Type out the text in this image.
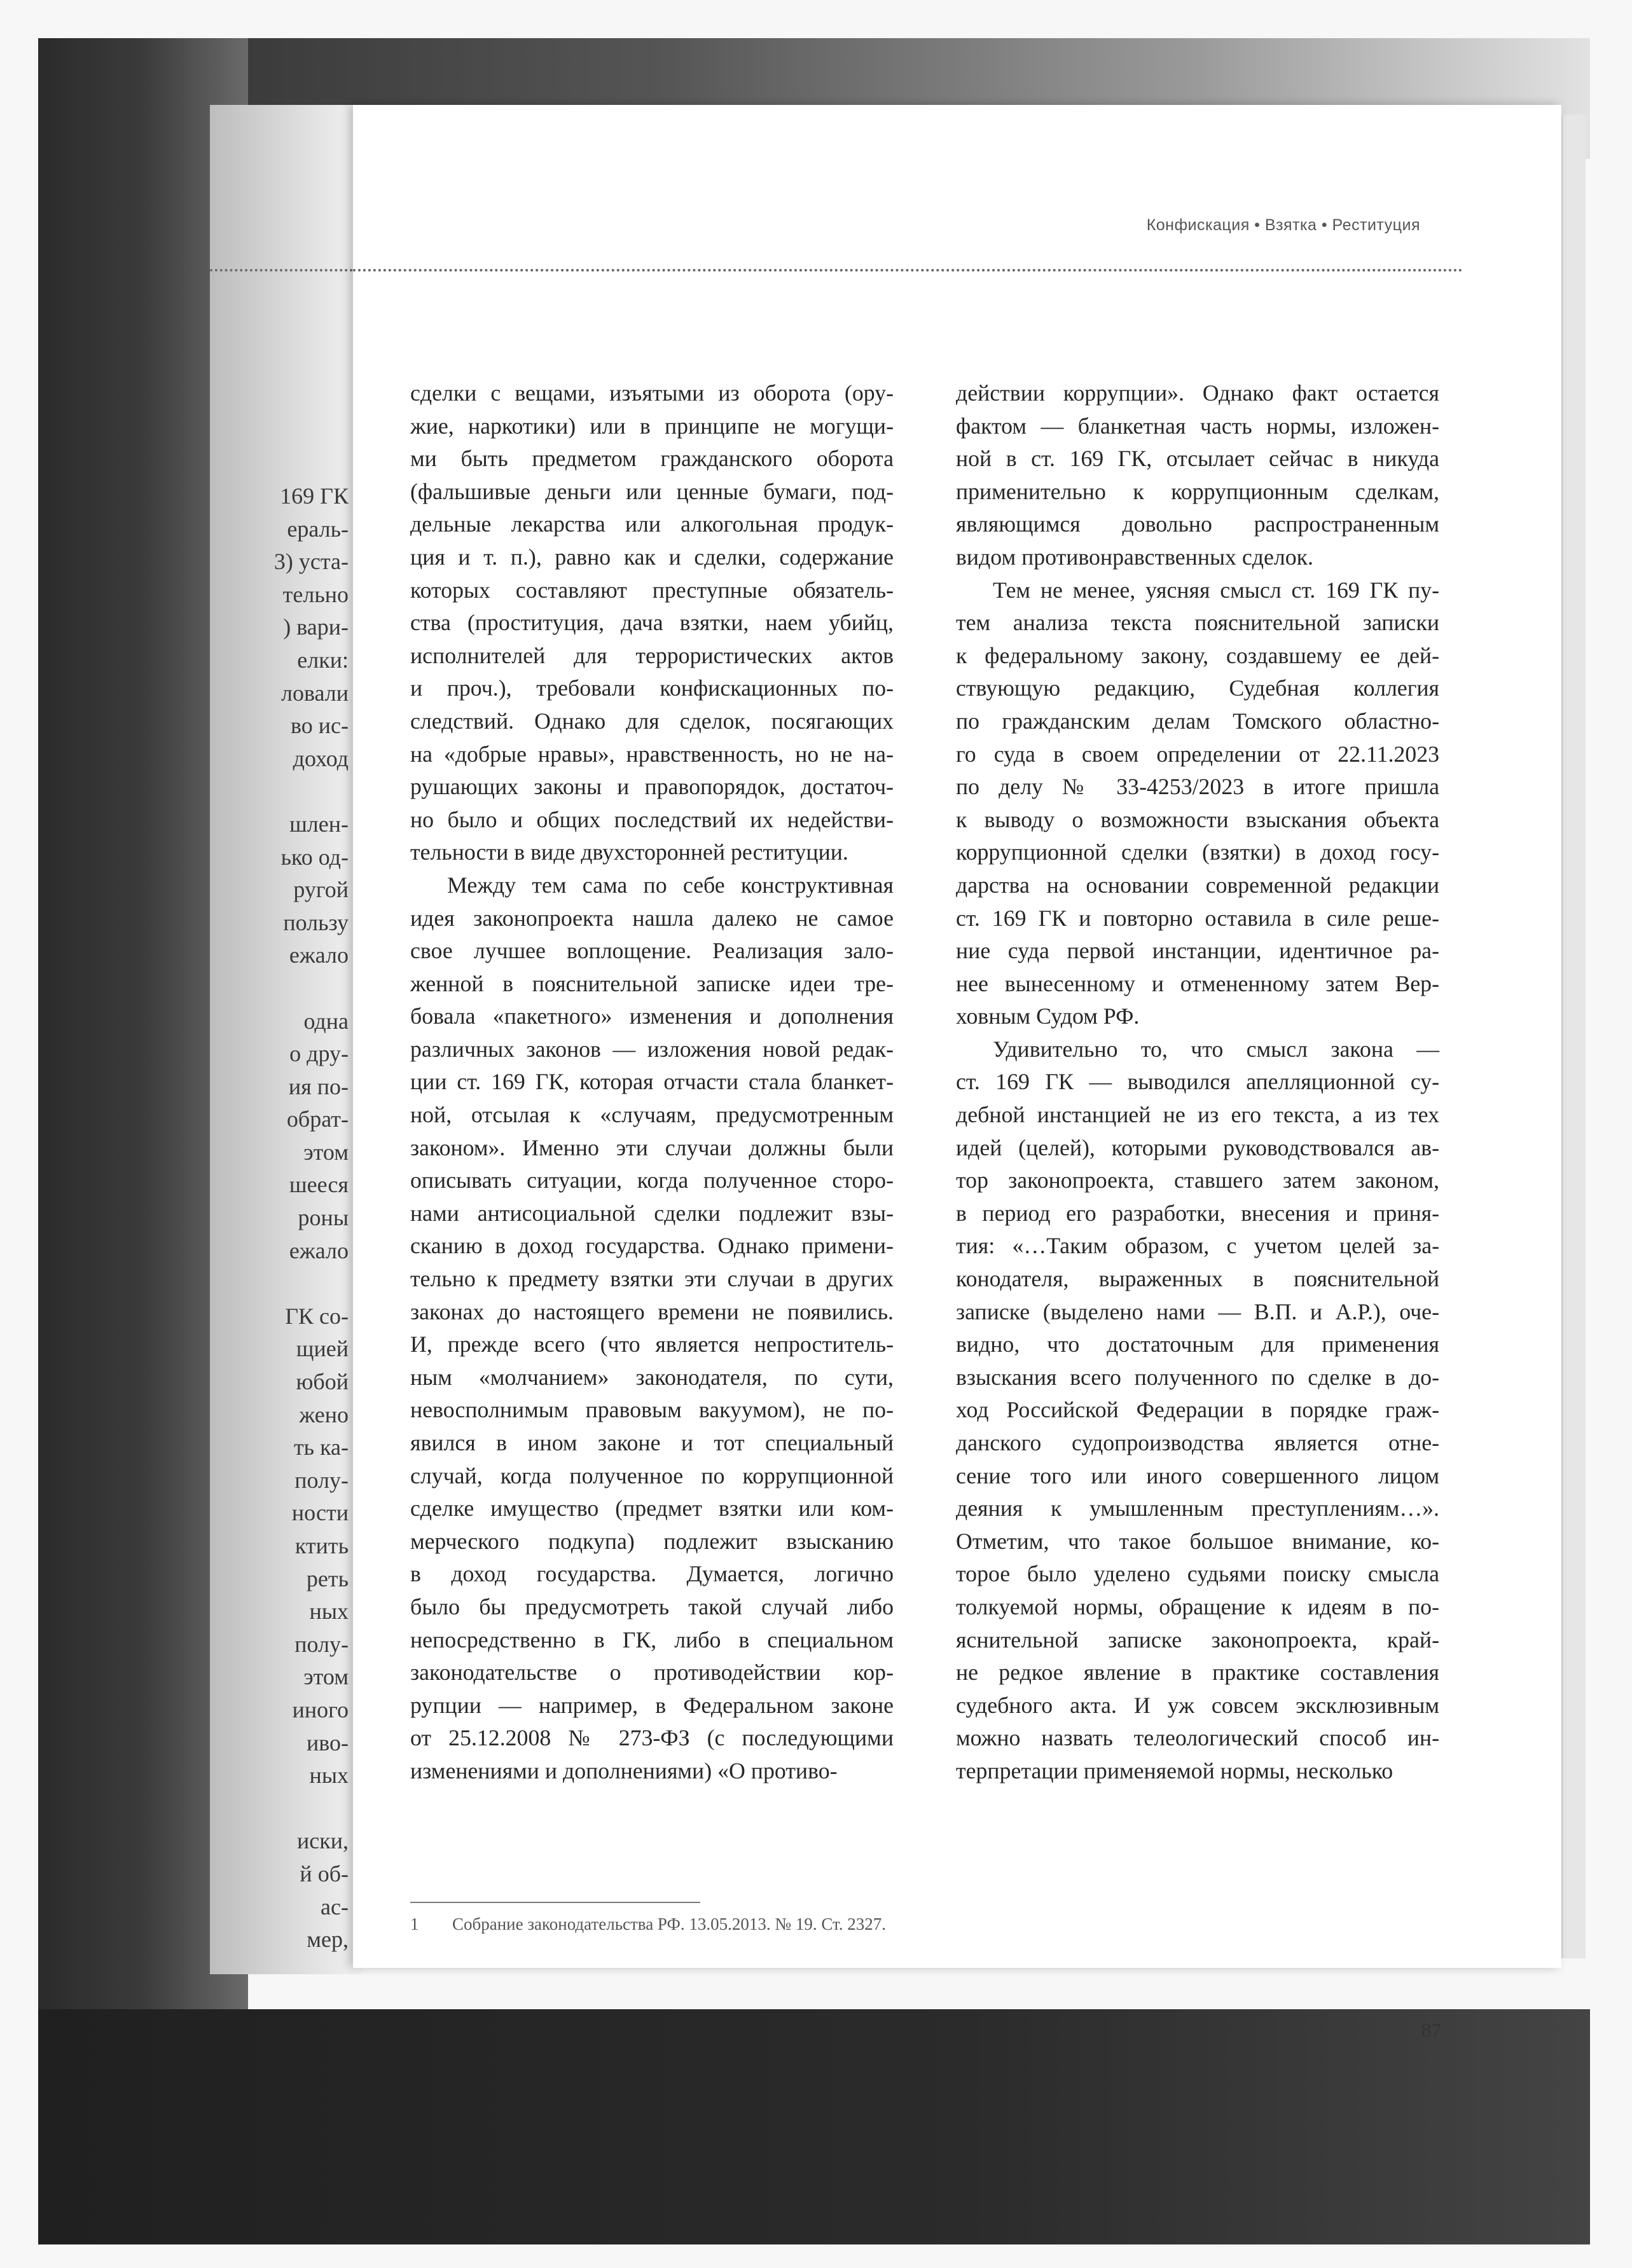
169 ГК
ераль-
3) уста-
тельно
) вари-
елки:
ловали
во ис-
доход
шлен-
ько од-
ругой
пользу
ежало
одна
о дру-
ия по-
обрат-
этом
шееся
роны
ежало
ГК со-
щией
юбой
жено
ть ка-
полу-
ности
ктить
реть
ных
полу-
этом
иного
иво-
ных
иски,
й об-
ас-
мер,
Конфискация • Взятка • Реституция
сделки с вещами, изъятыми из оборота (ору-
жие, наркотики) или в принципе не могущи-
ми быть предметом гражданского оборота
(фальшивые деньги или ценные бумаги, под-
дельные лекарства или алкогольная продук-
ция и т. п.), равно как и сделки, содержание
которых составляют преступные обязатель-
ства (проституция, дача взятки, наем убийц,
исполнителей для террористических актов
и проч.), требовали конфискационных по-
следствий. Однако для сделок, посягающих
на «добрые нравы», нравственность, но не на-
рушающих законы и правопорядок, достаточ-
но было и общих последствий их недействи-
тельности в виде двухсторонней реституции.
Между тем сама по себе конструктивная
идея законопроекта нашла далеко не самое
свое лучшее воплощение. Реализация зало-
женной в пояснительной записке идеи тре-
бовала «пакетного» изменения и дополнения
различных законов — изложения новой редак-
ции ст. 169 ГК, которая отчасти стала бланкет-
ной, отсылая к «случаям, предусмотренным
законом». Именно эти случаи должны были
описывать ситуации, когда полученное сторо-
нами антисоциальной сделки подлежит взы-
сканию в доход государства. Однако примени-
тельно к предмету взятки эти случаи в других
законах до настоящего времени не появились.
И, прежде всего (что является непроститель-
ным «молчанием» законодателя, по сути,
невосполнимым правовым вакуумом), не по-
явился в ином законе и тот специальный
случай, когда полученное по коррупционной
сделке имущество (предмет взятки или ком-
мерческого подкупа) подлежит взысканию
в доход государства. Думается, логично
было бы предусмотреть такой случай либо
непосредственно в ГК, либо в специальном
законодательстве о противодействии кор-
рупции — например, в Федеральном законе
от 25.12.2008 № 273-ФЗ (с последующими
изменениями и дополнениями) «О противо-
действии коррупции». Однако факт остается
фактом — бланкетная часть нормы, изложен-
ной в ст. 169 ГК, отсылает сейчас в никуда
применительно к коррупционным сделкам,
являющимся довольно распространенным
видом противонравственных сделок.
Тем не менее, уясняя смысл ст. 169 ГК пу-
тем анализа текста пояснительной записки
к федеральному закону, создавшему ее дей-
ствующую редакцию, Судебная коллегия
по гражданским делам Томского областно-
го суда в своем определении от 22.11.2023
по делу № 33-4253/2023 в итоге пришла
к выводу о возможности взыскания объекта
коррупционной сделки (взятки) в доход госу-
дарства на основании современной редакции
ст. 169 ГК и повторно оставила в силе реше-
ние суда первой инстанции, идентичное ра-
нее вынесенному и отмененному затем Вер-
ховным Судом РФ.
Удивительно то, что смысл закона —
ст. 169 ГК — выводился апелляционной су-
дебной инстанцией не из его текста, а из тех
идей (целей), которыми руководствовался ав-
тор законопроекта, ставшего затем законом,
в период его разработки, внесения и приня-
тия: «…Таким образом, с учетом целей за-
конодателя, выраженных в пояснительной
записке (выделено нами — В.П. и А.Р.), оче-
видно, что достаточным для применения
взыскания всего полученного по сделке в до-
ход Российской Федерации в порядке граж-
данского судопроизводства является отне-
сение того или иного совершенного лицом
деяния к умышленным преступлениям…».
Отметим, что такое большое внимание, ко-
торое было уделено судьями поиску смысла
толкуемой нормы, обращение к идеям в по-
яснительной записке законопроекта, край-
не редкое явление в практике составления
судебного акта. И уж совсем эксклюзивным
можно назвать телеологический способ ин-
терпретации применяемой нормы, несколько
1 Собрание законодательства РФ. 13.05.2013. № 19. Ст. 2327.
87
